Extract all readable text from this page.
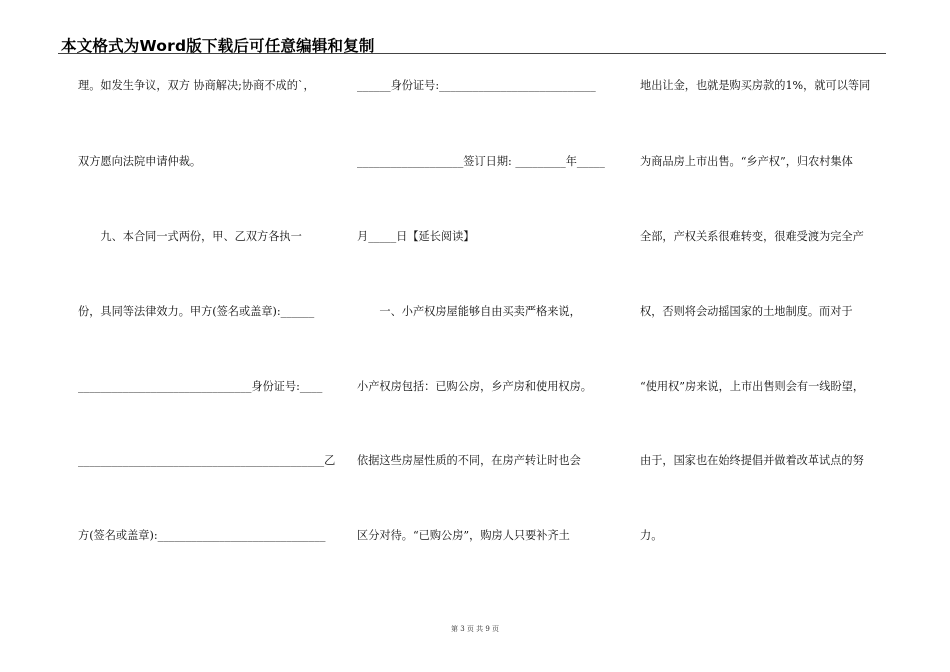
本文格式为Word版下载后可任意编辑和复制
理。如发生争议，双方 协商解决;协商不成的`，
双方愿向法院申请仲裁。
　　九、本合同一式两份，甲、乙双方各执一
份，具同等法律效力。甲方(签名或盖章):______
_______________________________身份证号:____
____________________________________________乙
方(签名或盖章):______________________________
______身份证号:____________________________
___________________签订日期: _________年_____
月_____日【延长阅读】
　　一、小产权房屋能够自由买卖严格来说，
小产权房包括：已购公房，乡产房和使用权房。
依据这些房屋性质的不同，在房产转让时也会
区分对待。“已购公房”，购房人只要补齐土
地出让金，也就是购买房款的1%，就可以等同
为商品房上市出售。“乡产权”，归农村集体
全部，产权关系很难转变，很难受渡为完全产
权，否则将会动摇国家的土地制度。而对于
“使用权”房来说，上市出售则会有一线盼望，
由于，国家也在始终提倡并做着改革试点的努
力。
第 3 页 共 9 页
